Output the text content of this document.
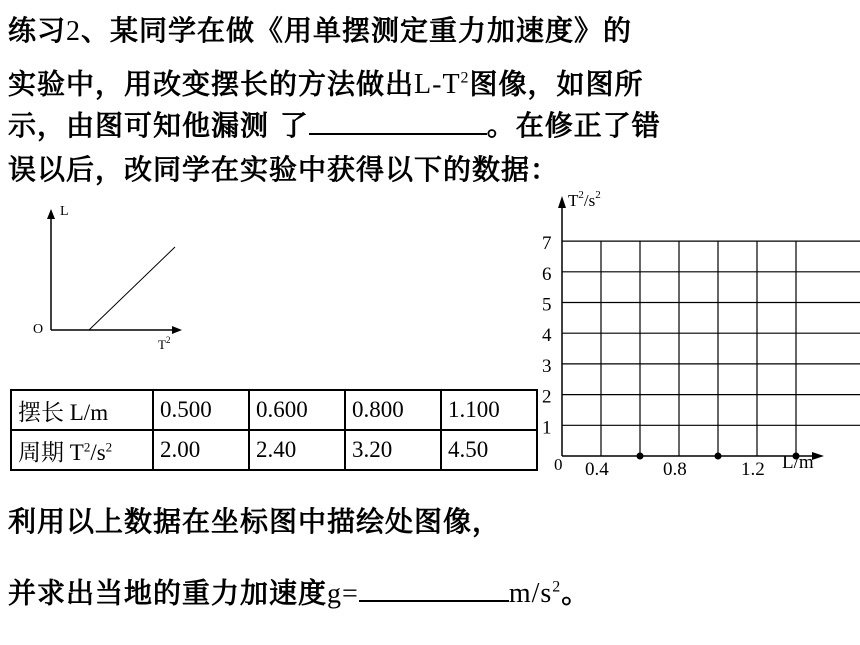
练习2、某同学在做《用单摆测定重力加速度》的
实验中，用改变摆长的方法做出$L-T^2$图像，如图所
示，由图可知他漏测 了	。在修正了错
误以后，改同学在实验中获得以下的数据：
L
O
$T^2$
摆长 L/m	0.500	0.600	0.800	1.100
周期 $T^2/s^2$	2.00	2.40	3.20	4.50
1
2
3
4
5
6
7
0.4	0.8	1.2
$T^2/s^2$
L/m
0
利用以上数据在坐标图中描绘处图像，
并求出当地的重力加速度g=	$m/s^2$。
